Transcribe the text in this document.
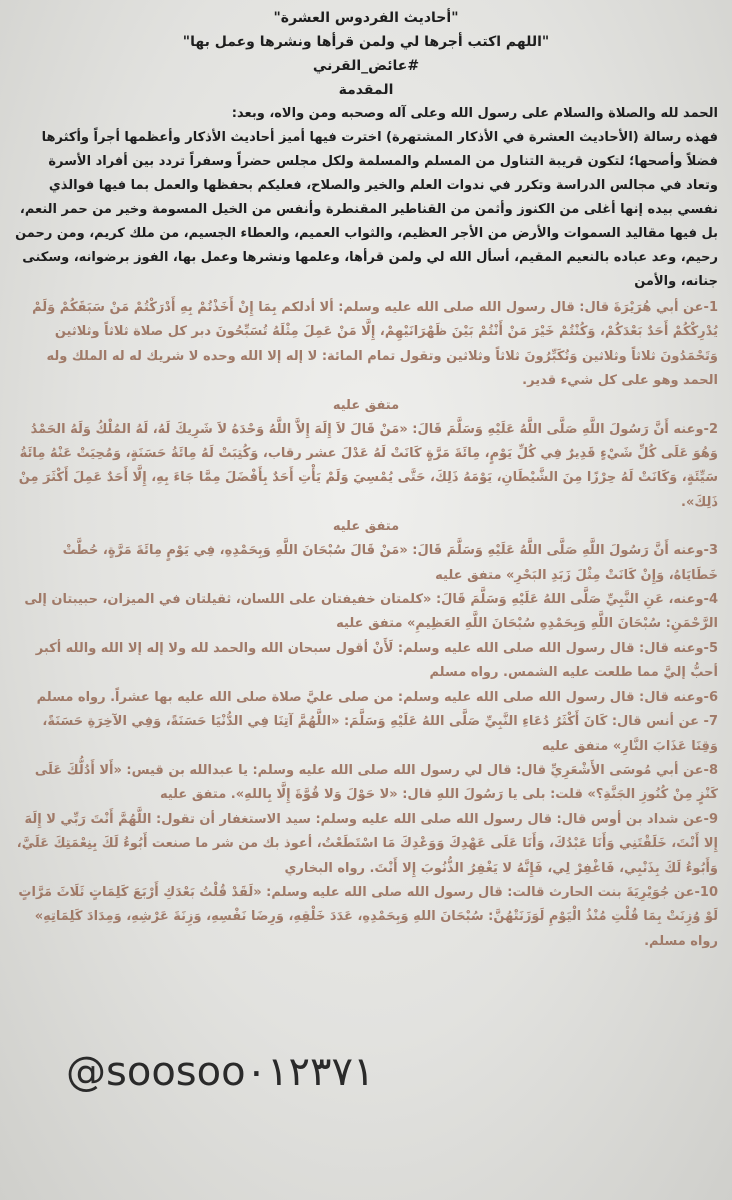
"أحاديث الفردوس العشرة"
"اللهم اكتب أجرها لي ولمن قرأها ونشرها وعمل بها"
#عائض_القرني
المقدمة

الحمد لله والصلاة والسلام على رسول الله وعلى آله وصحبه ومن والاه، وبعد:

فهذه رسالة (الأحاديث العشرة في الأذكار المشتهرة) اخترت فيها أميز أحاديث الأذكار وأعظمها أجراً وأكثرها فضلاً وأصحها؛ لتكون قريبة التناول من المسلم والمسلمة ولكل مجلس حضراً وسفراً تردد بين أفراد الأسرة وتعاد في مجالس الدراسة وتكرر في ندوات العلم والخير والصلاح، فعليكم بحفظها والعمل بما فيها فوالذي نفسي بيده إنها أغلى من الكنوز وأثمن من القناطير المقنطرة وأنفس من الخيل المسومة وخير من حمر النعم، بل فيها مقاليد السموات والأرض من الأجر العظيم، والثواب العميم، والعطاء الجسيم، من ملك كريم، ومن رحمن رحيم، وعد عباده بالنعيم المقيم، أسأل الله لي ولمن قرأها، وعلمها ونشرها وعمل بها، الفوز برضوانه، وسكنى جنانه، والأمن

1-عن أبي هُرَيْرَةَ قال: قال رسول الله صلى الله عليه وسلم: ألا أدلكم بِمَا إِنْ أَخَذْتُمْ بِهِ أَدْرَكْتُمْ مَنْ سَبَقَكُمْ وَلَمْ يُدْرِكْكُمْ أَحَدٌ بَعْدَكُمْ، وَكُنْتُمْ خَيْرَ مَنْ أَنْتُمْ بَيْنَ ظَهْرَانَيْهِمْ، إِلَّا مَنْ عَمِلَ مِثْلَهُ تُسَبِّحُونَ دبر كل صلاة ثلاثاً وثلاثين وَتَحْمَدُونَ ثلاثاً وثلاثين وَتُكَبِّرُونَ ثلاثاً وثلاثين وتقول تمام المائة: لا إله إلا الله وحده لا شريك له له الملك وله الحمد وهو على كل شيء قدير.

متفق عليه

2-وعنه أَنَّ رَسُولَ اللَّهِ صَلَّى اللَّهُ عَلَيْهِ وَسَلَّمَ قَالَ: «مَنْ قَالَ لاَ إِلَهَ إِلاَّ اللَّهُ وَحْدَهُ لاَ شَرِيكَ لَهُ، لَهُ المُلْكُ وَلَهُ الحَمْدُ وَهُوَ عَلَى كُلِّ شَيْءٍ قَدِيرٌ فِي كُلِّ يَوْمٍ، مِائَةَ مَرَّةٍ كَانَتْ لَهُ عَدْلَ عشر رقاب، وَكُتِبَتْ لَهُ مِائَةُ حَسَنَةٍ، وَمُحِيَتْ عَنْهُ مِائَةُ سَيِّئَةٍ، وَكَانَتْ لَهُ حِرْزًا مِنَ الشَّيْطَانِ، يَوْمَهُ ذَلِكَ، حَتَّى يُمْسِيَ وَلَمْ يَأْتِ أَحَدٌ بِأَفْضَلَ مِمَّا جَاءَ بِهِ، إِلَّا أَحَدٌ عَمِلَ أَكْثَرَ مِنْ ذَلِكَ».

متفق عليه

3-وعنه أَنَّ رَسُولَ اللَّهِ صَلَّى اللَّهُ عَلَيْهِ وَسَلَّمَ قَالَ: «مَنْ قَالَ سُبْحَانَ اللَّهِ وَبِحَمْدِهِ، فِي يَوْمٍ مِائَةَ مَرَّةٍ، حُطَّتْ خَطَايَاهُ، وَإِنْ كَانَتْ مِثْلَ زَبَدِ البَحْرِ» متفق عليه

4-وعنه، عَنِ النَّبِيِّ صَلَّى اللهُ عَلَيْهِ وَسَلَّمَ قَالَ: «كلمتان خفيفتان على اللسان، ثقيلتان في الميزان، حبيبتان إلى الرَّحْمَنِ: سُبْحَانَ اللَّهِ وَبِحَمْدِهِ سُبْحَانَ اللَّهِ العَظِيمِ» متفق عليه

5-وعنه قال: قال رسول الله صلى الله عليه وسلم: لَأَنْ أقول سبحان الله والحمد لله ولا إله إلا الله والله أكبر أحبُّ إليَّ مما طلعت عليه الشمس. رواه مسلم

6-وعنه قال: قال رسول الله صلى الله عليه وسلم: من صلى عليَّ صلاة صلى الله عليه بها عشراً. رواه مسلم

7- عن أنس قال: كَانَ أَكْثَرُ دُعَاءِ النَّبِيِّ صَلَّى اللهُ عَلَيْهِ وَسَلَّمَ: «اللَّهُمَّ آتِنَا فِي الدُّنْيَا حَسَنَةً، وَفِي الآخِرَةِ حَسَنَةً، وَقِنَا عَذَابَ النَّارِ» متفق عليه

8-عن أبي مُوسَى الأَشْعَرِيِّ قال: قال لي رسول الله صلى الله عليه وسلم: يا عبدالله بن قيس: «أَلا أَدُلُّكَ عَلَى كَنْزٍ مِنْ كُنُوزِ الجَنَّةِ؟» قلت: بلى يا رَسُولَ اللهِ قال: «لا حَوْلَ وَلا قُوَّةَ إِلَّا بِاللهِ». متفق عليه

9-عن شداد بن أوس قال: قال رسول الله صلى الله عليه وسلم: سيد الاستغفار أن تقول: اللَّهُمَّ أَنْتَ رَبِّي لا إِلَهَ إِلا أَنْتَ، خَلَقْتَنِي وَأَنَا عَبْدُكَ، وَأَنَا عَلَى عَهْدِكَ وَوَعْدِكَ مَا اسْتَطَعْتُ، أعوذ بك من شر ما صنعت أَبُوءُ لَكَ بِنِعْمَتِكَ عَلَيَّ، وَأَبُوءُ لَكَ بِذَنْبِي، فَاغْفِرْ لِي، فَإِنَّهُ لا يَغْفِرُ الذُّنُوبَ إِلا أَنْتَ. رواه البخاري

10-عن جُوَيْرِيَةَ بنت الحارث قالت: قال رسول الله صلى الله عليه وسلم: «لَقَدْ قُلْتُ بَعْدَكِ أَرْبَعَ كَلِمَاتٍ ثَلَاثَ مَرَّاتٍ لَوْ وُزِنَتْ بِمَا قُلْتِ مُنْذُ الْيَوْمِ لَوَزَنَتْهُنَّ: سُبْحَانَ اللهِ وَبِحَمْدِهِ، عَدَدَ خَلْقِهِ، وَرِضَا نَفْسِهِ، وَزِنَةَ عَرْشِهِ، وَمِدَادَ كَلِمَاتِهِ» رواه مسلم.

@soosoo۰۱۲۳۷۱
